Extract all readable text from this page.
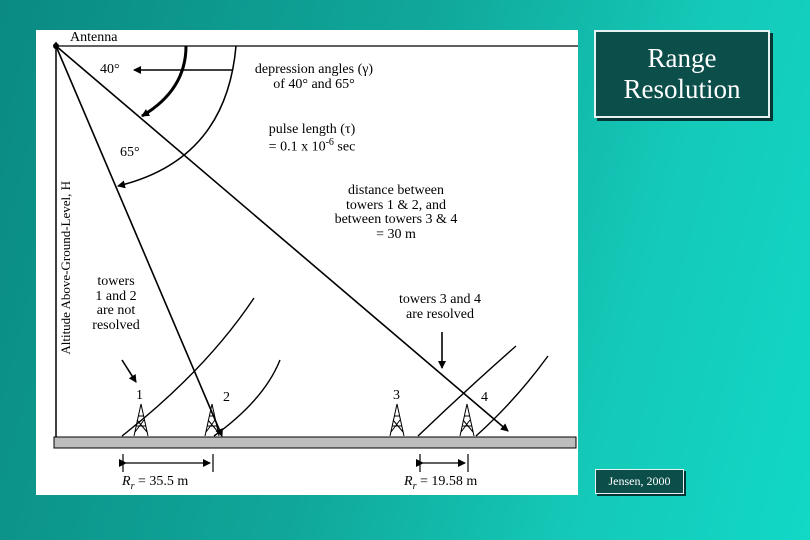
Antenna
40°
65°
depression angles (γ)
of 40° and 65°
pulse length (τ)
= 0.1 x $10^{-6}$ sec
distance between
towers 1 & 2, and
between towers 3 & 4
= 30 m
towers
1 and 2
are not
resolved
towers 3 and 4
are resolved
1	2	3	4
$R_r = 35.5$ m	$R_r = 19.58$ m
Altitude Above-Ground-Level, H
Range
Resolution
Jensen, 2000
